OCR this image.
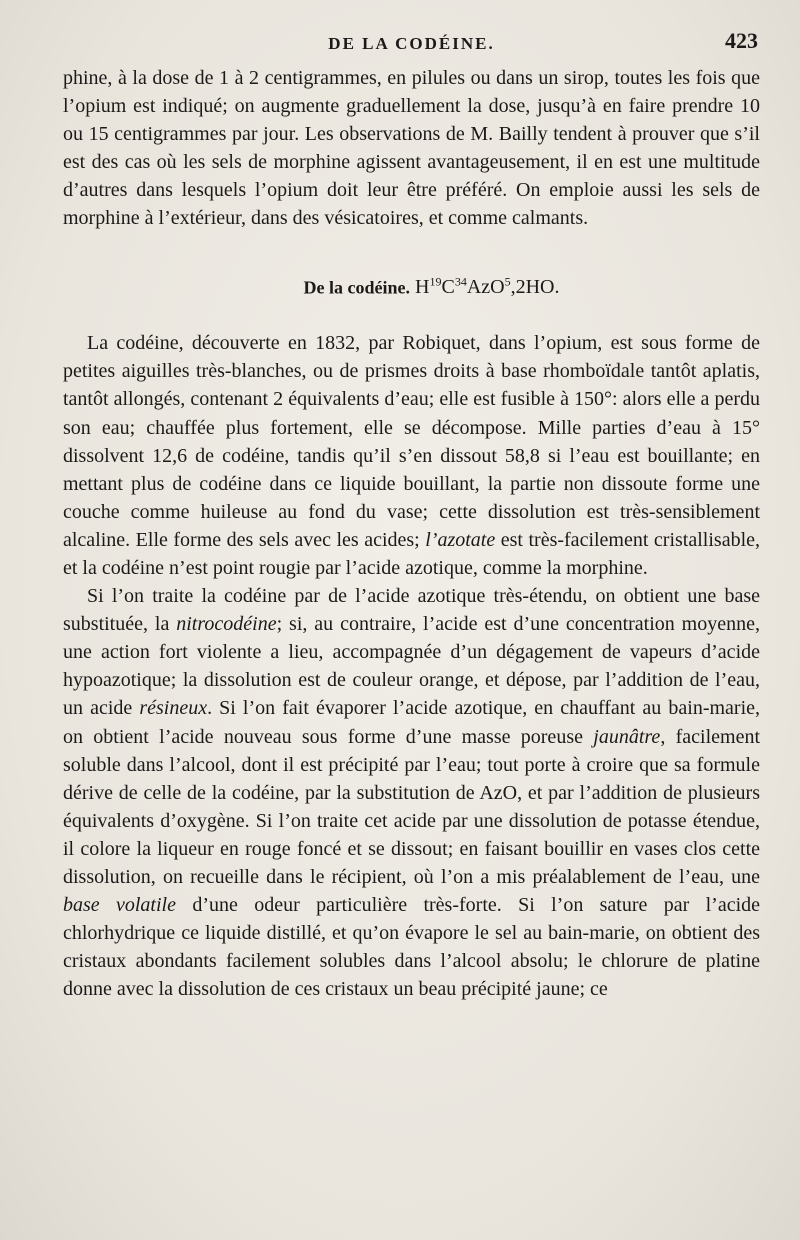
DE LA CODÉINE.	423

phine, à la dose de 1 à 2 centigrammes, en pilules ou dans un sirop, toutes les fois que l’opium est indiqué; on augmente graduellement la dose, jusqu’à en faire prendre 10 ou 15 centigrammes par jour. Les observations de M. Bailly tendent à prouver que s’il est des cas où les sels de morphine agissent avantageusement, il en est une multitude d’autres dans lesquels l’opium doit leur être préféré. On emploie aussi les sels de morphine à l’extérieur, dans des vésicatoires, et comme calmants.

De la codéine. $H^{19}C^{34}AzO^5,2HO$.

La codéine, découverte en 1832, par Robiquet, dans l’opium, est sous forme de petites aiguilles très-blanches, ou de prismes droits à base rhomboïdale tantôt aplatis, tantôt allongés, contenant 2 équivalents d’eau; elle est fusible à 150°: alors elle a perdu son eau; chauffée plus fortement, elle se décompose. Mille parties d’eau à 15° dissolvent 12,6 de codéine, tandis qu’il s’en dissout 58,8 si l’eau est bouillante; en mettant plus de codéine dans ce liquide bouillant, la partie non dissoute forme une couche comme huileuse au fond du vase; cette dissolution est très-sensiblement alcaline. Elle forme des sels avec les acides; l’azotate est très-facilement cristallisable, et la codéine n’est point rougie par l’acide azotique, comme la morphine.

Si l’on traite la codéine par de l’acide azotique très-étendu, on obtient une base substituée, la nitrocodéine; si, au contraire, l’acide est d’une concentration moyenne, une action fort violente a lieu, accompagnée d’un dégagement de vapeurs d’acide hypoazotique; la dissolution est de couleur orange, et dépose, par l’addition de l’eau, un acide résineux. Si l’on fait évaporer l’acide azotique, en chauffant au bain-marie, on obtient l’acide nouveau sous forme d’une masse poreuse jaunâtre, facilement soluble dans l’alcool, dont il est précipité par l’eau; tout porte à croire que sa formule dérive de celle de la codéine, par la substitution de AzO, et par l’addition de plusieurs équivalents d’oxygène. Si l’on traite cet acide par une dissolution de potasse étendue, il colore la liqueur en rouge foncé et se dissout; en faisant bouillir en vases clos cette dissolution, on recueille dans le récipient, où l’on a mis préalablement de l’eau, une base volatile d’une odeur particulière très-forte. Si l’on sature par l’acide chlorhydrique ce liquide distillé, et qu’on évapore le sel au bain-marie, on obtient des cristaux abondants facilement solubles dans l’alcool absolu; le chlorure de platine donne avec la dissolution de ces cristaux un beau précipité jaune; ce
